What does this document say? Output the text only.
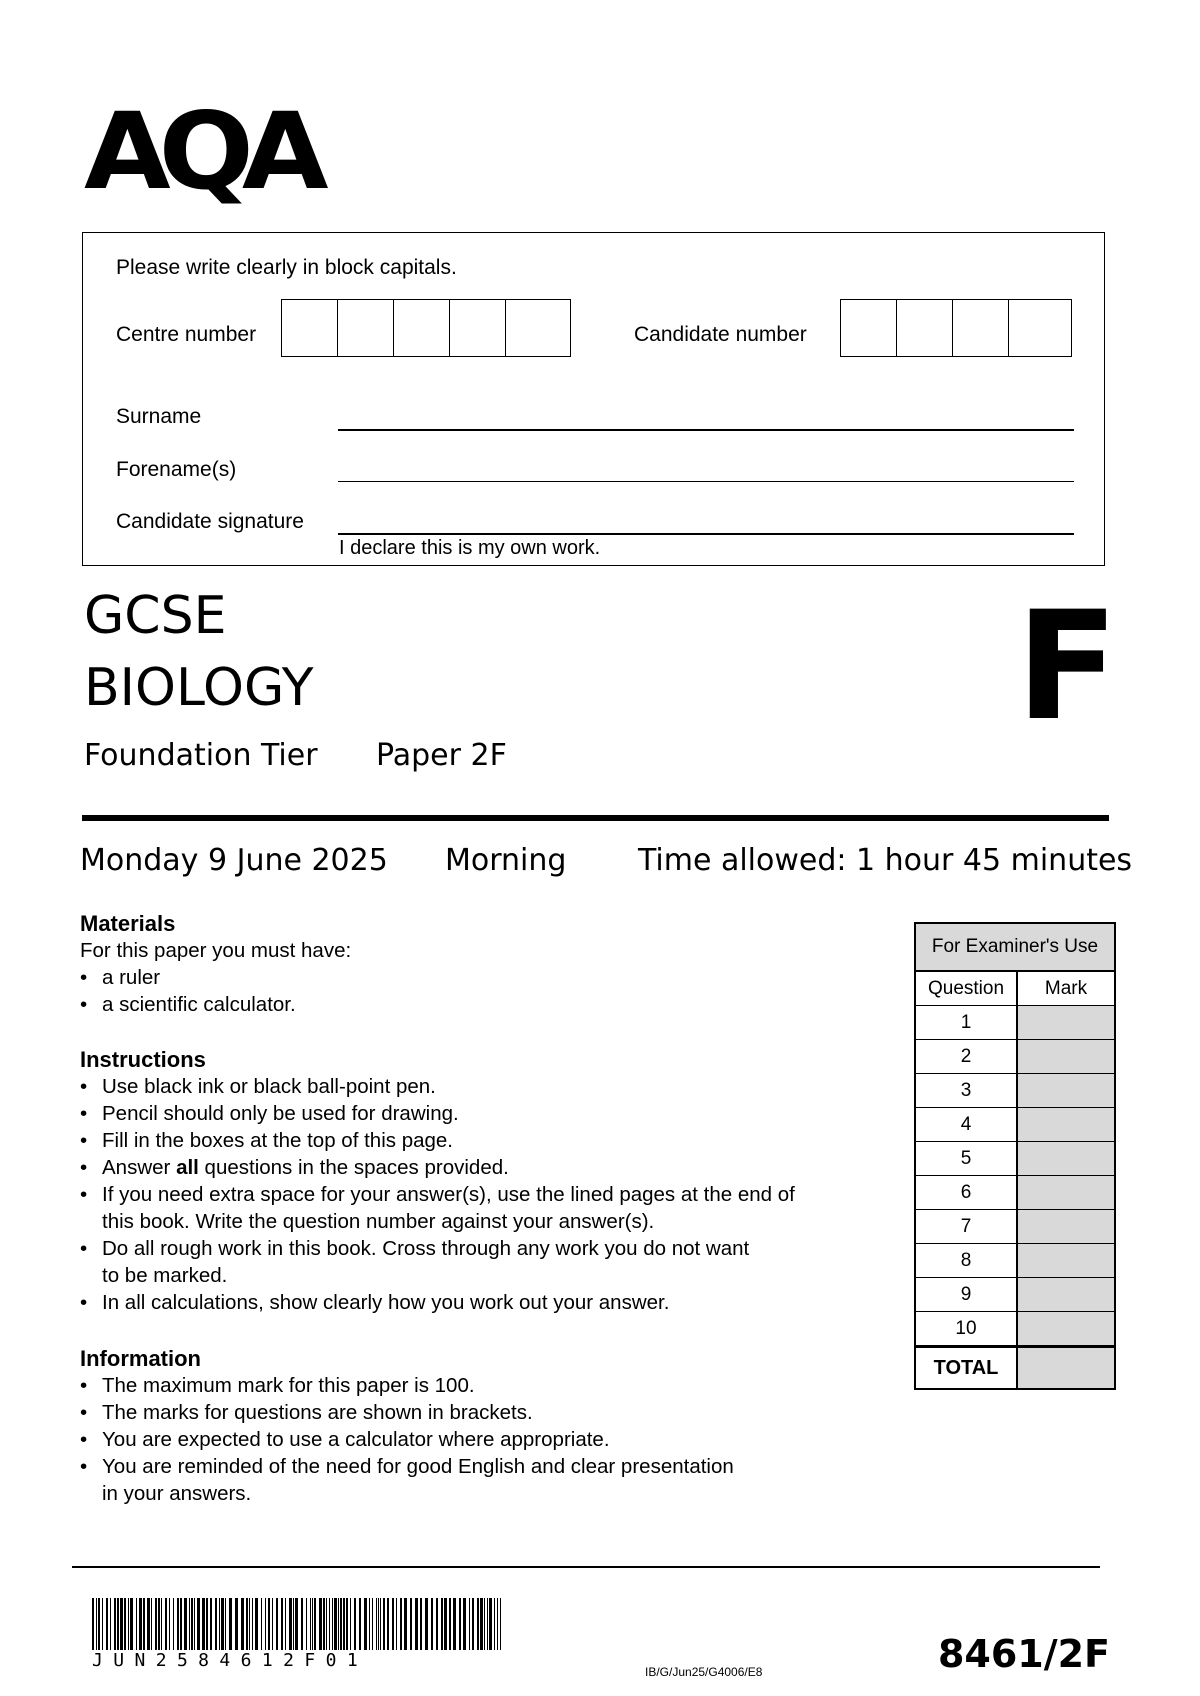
AQA
Please write clearly in block capitals.
Centre number	Candidate number
Surname
Forename(s)
Candidate signature
I declare this is my own work.
GCSE
BIOLOGY
Foundation Tier Paper 2F
F
Monday 9 June 2025 Morning Time allowed: 1 hour 45 minutes
Materials
For this paper you must have:
• a ruler
• a scientific calculator.
Instructions
• Use black ink or black ball-point pen.
• Pencil should only be used for drawing.
• Fill in the boxes at the top of this page.
• Answer all questions in the spaces provided.
• If you need extra space for your answer(s), use the lined pages at the end of
this book. Write the question number against your answer(s).
• Do all rough work in this book. Cross through any work you do not want
to be marked.
• In all calculations, show clearly how you work out your answer.
Information
• The maximum mark for this paper is 100.
• The marks for questions are shown in brackets.
• You are expected to use a calculator where appropriate.
• You are reminded of the need for good English and clear presentation
in your answers.
For Examiner's Use
Question	Mark
1
2
3
4
5
6
7
8
9
10
TOTAL
JUN2584612F01
IB/G/Jun25/G4006/E8	8461/2F
